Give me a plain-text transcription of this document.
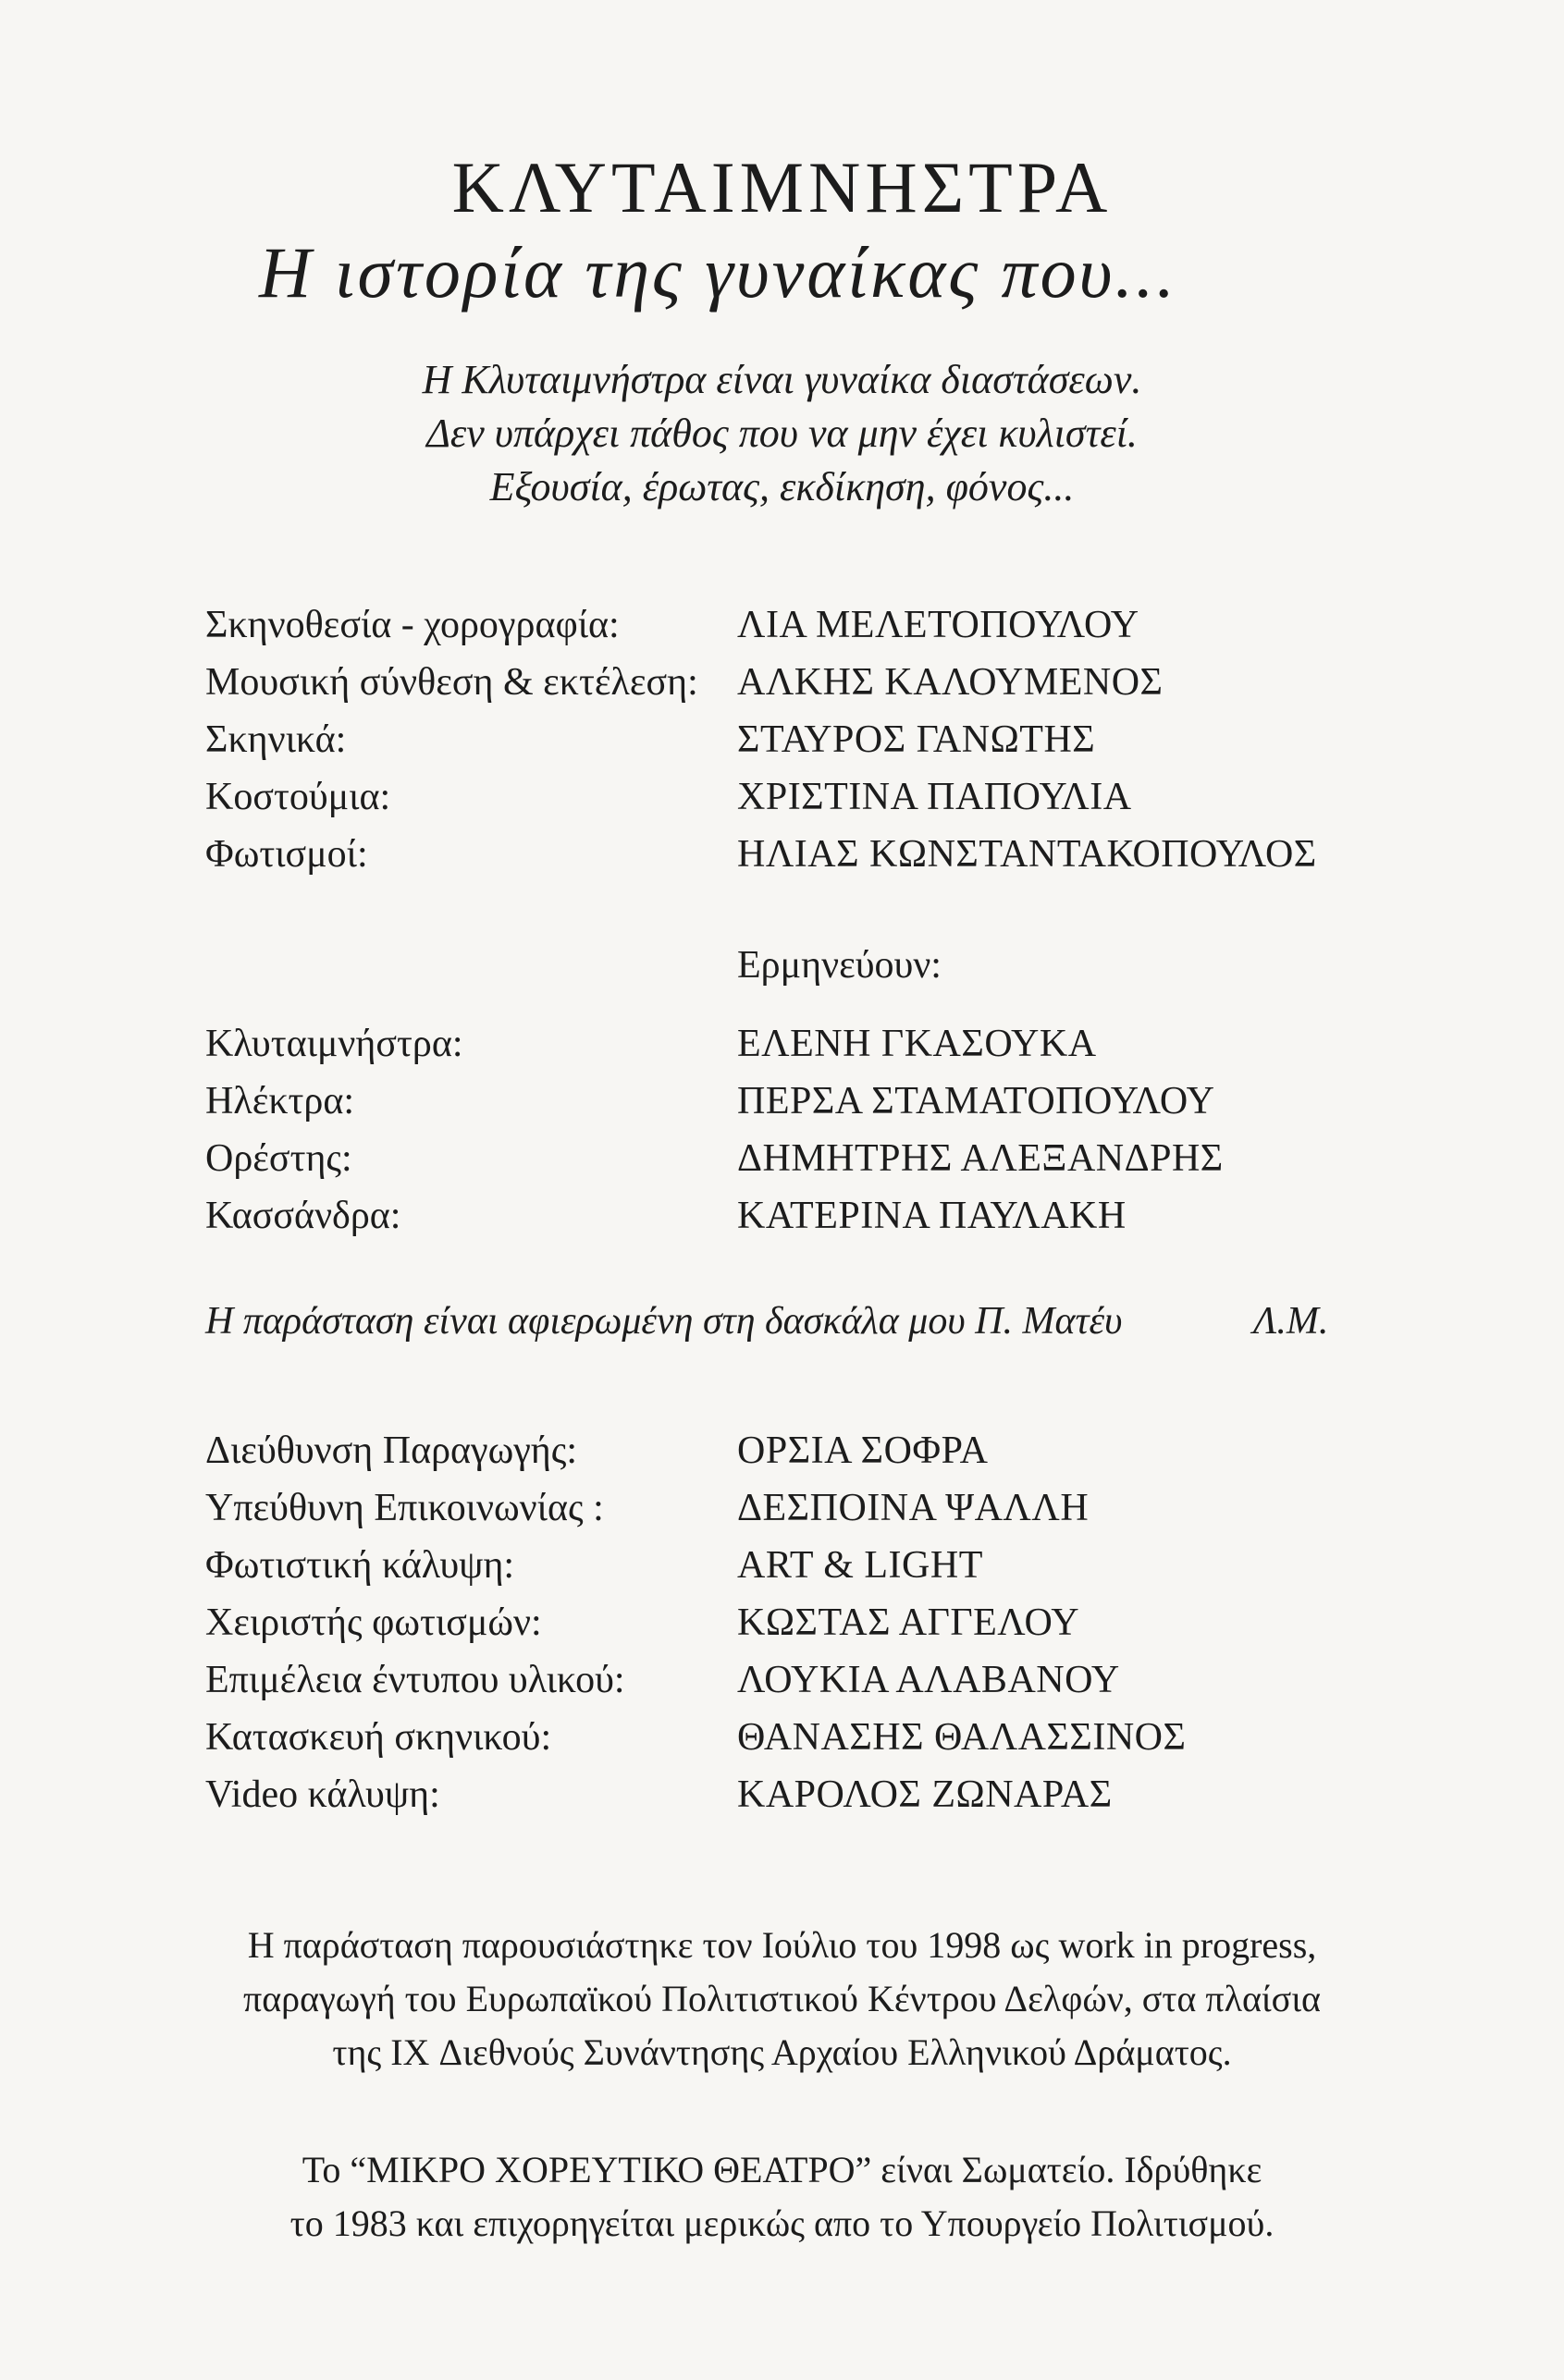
ΚΛΥΤΑΙΜΝΗΣΤΡΑ
Η ιστορία της γυναίκας που...
Η Κλυταιμνήστρα είναι γυναίκα διαστάσεων.
Δεν υπάρχει πάθος που να μην έχει κυλιστεί.
Εξουσία, έρωτας, εκδίκηση, φόνος...
Σκηνοθεσία - χορογραφία:	ΛΙΑ ΜΕΛΕΤΟΠΟΥΛΟΥ
Μουσική σύνθεση & εκτέλεση: ΑΛΚΗΣ ΚΑΛΟΥΜΕΝΟΣ
Σκηνικά:	ΣΤΑΥΡΟΣ ΓΑΝΩΤΗΣ
Κοστούμια:	ΧΡΙΣΤΙΝΑ ΠΑΠΟΥΛΙΑ
Φωτισμοί:	ΗΛΙΑΣ ΚΩΝΣΤΑΝΤΑΚΟΠΟΥΛΟΣ
Ερμηνεύουν:
Κλυταιμνήστρα:	ΕΛΕΝΗ ΓΚΑΣΟΥΚΑ
Ηλέκτρα:	ΠΕΡΣΑ ΣΤΑΜΑΤΟΠΟΥΛΟΥ
Ορέστης:	ΔΗΜΗΤΡΗΣ ΑΛΕΞΑΝΔΡΗΣ
Κασσάνδρα:	ΚΑΤΕΡΙΝΑ ΠΑΥΛΑΚΗ
Η παράσταση είναι αφιερωμένη στη δασκάλα μου Π. Ματέυ	Λ.Μ.
Διεύθυνση Παραγωγής:	ΟΡΣΙΑ ΣΟΦΡΑ
Υπεύθυνη Επικοινωνίας :	ΔΕΣΠΟΙΝΑ ΨΑΛΛΗ
Φωτιστική κάλυψη:	ART & LIGHT
Χειριστής φωτισμών:	ΚΩΣΤΑΣ ΑΓΓΕΛΟΥ
Επιμέλεια έντυπου υλικού:	ΛΟΥΚΙΑ ΑΛΑΒΑΝΟΥ
Κατασκευή σκηνικού:	ΘΑΝΑΣΗΣ ΘΑΛΑΣΣΙΝΟΣ
Video κάλυψη:	ΚΑΡΟΛΟΣ ΖΩΝΑΡΑΣ
Η παράσταση παρουσιάστηκε τον Ιούλιο του 1998 ως work in progress,
παραγωγή του Ευρωπαϊκού Πολιτιστικού Κέντρου Δελφών, στα πλαίσια
της IX Διεθνούς Συνάντησης Αρχαίου Ελληνικού Δράματος.
Το “ΜΙΚΡΟ ΧΟΡΕΥΤΙΚΟ ΘΕΑΤΡΟ” είναι Σωματείο. Ιδρύθηκε
το 1983 και επιχορηγείται μερικώς απο το Υπουργείο Πολιτισμού.
